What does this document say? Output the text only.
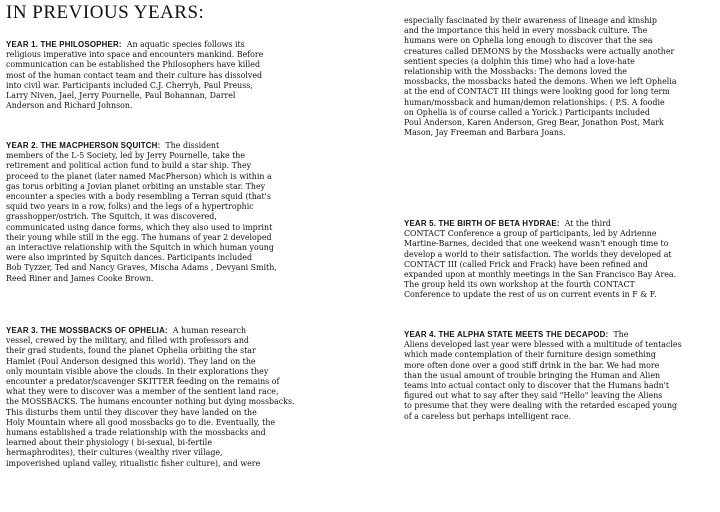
IN PREVIOUS YEARS:
YEAR 1. THE PHILOSOPHER: An aquatic species follows its
religious imperative into space and encounters mankind. Before
communication can be established the Philosophers have killed
most of the human contact team and their culture has dissolved
into civil war. Participants included C.J. Cherryh, Paul Preuss,
Larry Niven, Jael, Jerry Pournelle, Paul Bohannan, Darrel
Anderson and Richard Johnson.
YEAR 2. THE MACPHERSON SQUITCH: The dissident
members of the L-5 Society, led by Jerry Pournelle, take the
retirement and political action fund to build a star ship. They
proceed to the planet (later named MacPherson) which is within a
gas torus orbiting a Jovian planet orbiting an unstable star. They
encounter a species with a body resembling a Terran squid (that's
squid two years in a row, folks) and the legs of a hypertrophic
grasshopper/ostrich. The Squitch, it was discovered,
communicated using dance forms, which they also used to imprint
their young while still in the egg. The humans of year 2 developed
an interactive relationship with the Squitch in which human young
were also imprinted by Squitch dances. Participants included
Bob Tyzzer, Ted and Nancy Graves, Mischa Adams , Devyani Smith,
Reed Riner and James Cooke Brown.
YEAR 3. THE MOSSBACKS OF OPHELIA: A human research
vessel, crewed by the military, and filled with professors and
their grad students, found the planet Ophelia orbiting the star
Hamlet (Poul Anderson designed this world). They land on the
only mountain visible above the clouds. In their explorations they
encounter a predator/scavenger SKITTER feeding on the remains of
what they were to discover was a member of the sentient land race,
the MOSSBACKS. The humans encounter nothing but dying mossbacks.
This disturbs them until they discover they have landed on the
Holy Mountain where all good mossbacks go to die. Eventually, the
humans established a trade relationship with the mossbacks and
learned about their physiology ( bi-sexual, bi-fertile
hermaphrodites), their cultures (wealthy river village,
impoverished upland valley, ritualistic fisher culture), and were
especially fascinated by their awareness of lineage and kinship
and the importance this held in every mossback culture. The
humans were on Ophelia long enough to discover that the sea
creatures called DEMONS by the Mossbacks were actually another
sentient species (a dolphin this time) who had a love-hate
relationship with the Mossbacks: The demons loved the
mossbacks, the mossbacks hated the demons. When we left Ophelia
at the end of CONTACT III things were looking good for long term
human/mossback and human/demon relationships. ( P.S. A foodie
on Ophelia is of course called a Yorick.) Participants included
Poul Anderson, Karen Anderson, Greg Bear, Jonathon Post, Mark
Mason, Jay Freeman and Barbara Joans.
YEAR 5. THE BIRTH OF BETA HYDRAE: At the third
CONTACT Conference a group of participants, led by Adrienne
Martine-Barnes, decided that one weekend wasn't enough time to
develop a world to their satisfaction. The worlds they developed at
CONTACT III (called Frick and Frack) have been refined and
expanded upon at monthly meetings in the San Francisco Bay Area.
The group held its own workshop at the fourth CONTACT
Conference to update the rest of us on current events in F & F.
YEAR 4. THE ALPHA STATE MEETS THE DECAPOD: The
Aliens developed last year were blessed with a multitude of tentacles
which made contemplation of their furniture design something
more often done over a good stiff drink in the bar. We had more
than the usual amount of trouble bringing the Human and Alien
teams into actual contact only to discover that the Humans hadn't
figured out what to say after they said "Hello" leaving the Aliens
to presume that they were dealing with the retarded escaped young
of a careless but perhaps intelligent race.
